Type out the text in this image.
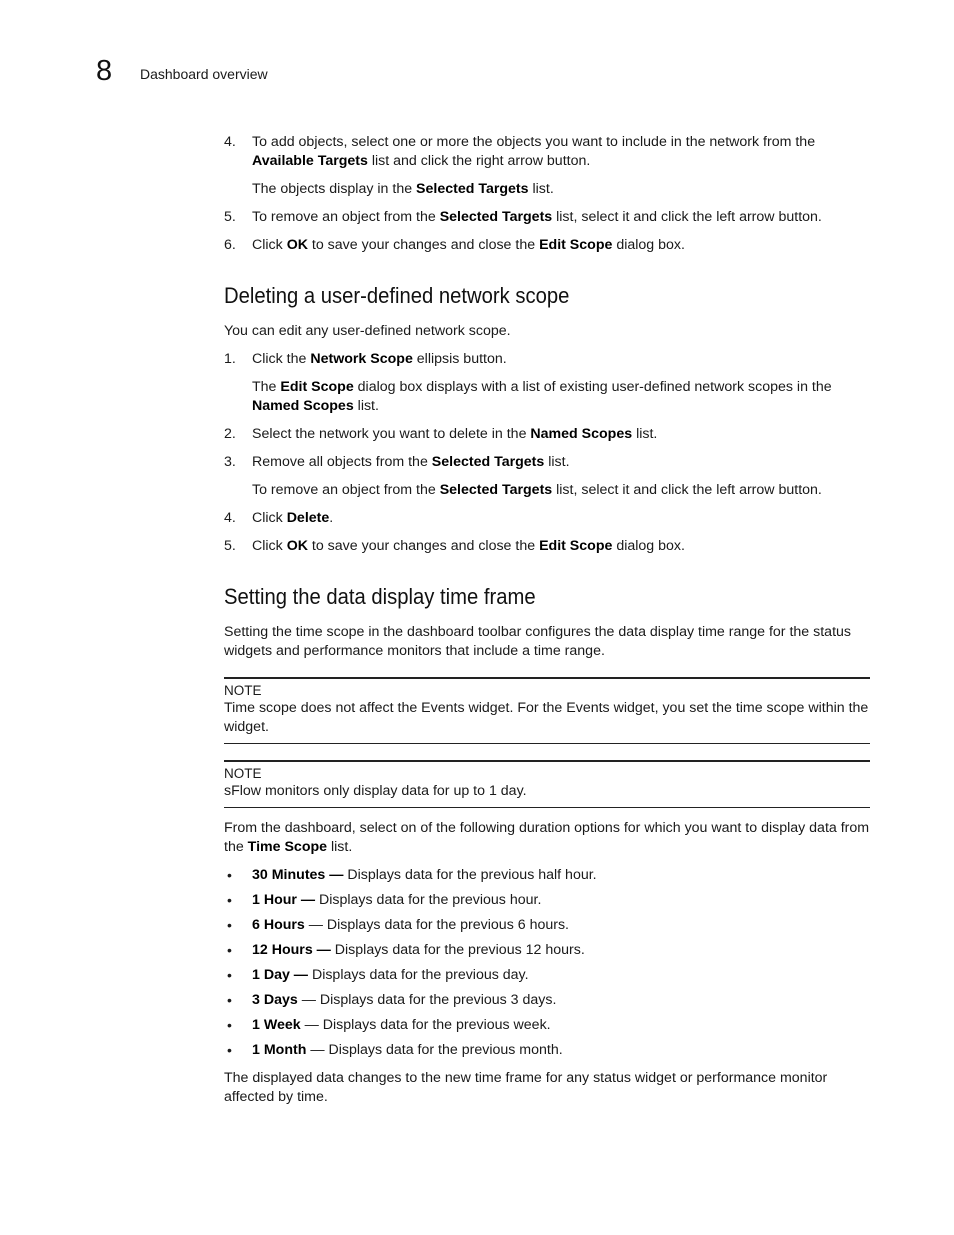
8 Dashboard overview
4. To add objects, select one or more the objects you want to include in the network from the Available Targets list and click the right arrow button.

The objects display in the Selected Targets list.

5. To remove an object from the Selected Targets list, select it and click the left arrow button.

6. Click OK to save your changes and close the Edit Scope dialog box.

Deleting a user-defined network scope

You can edit any user-defined network scope.

1. Click the Network Scope ellipsis button.

The Edit Scope dialog box displays with a list of existing user-defined network scopes in the Named Scopes list.

2. Select the network you want to delete in the Named Scopes list.

3. Remove all objects from the Selected Targets list.

To remove an object from the Selected Targets list, select it and click the left arrow button.

4. Click Delete.

5. Click OK to save your changes and close the Edit Scope dialog box.

Setting the data display time frame

Setting the time scope in the dashboard toolbar configures the data display time range for the status widgets and performance monitors that include a time range.

NOTE

Time scope does not affect the Events widget. For the Events widget, you set the time scope within the widget.

NOTE

sFlow monitors only display data for up to 1 day.

From the dashboard, select on of the following duration options for which you want to display data from the Time Scope list.

• 30 Minutes — Displays data for the previous half hour.
• 1 Hour — Displays data for the previous hour.
• 6 Hours — Displays data for the previous 6 hours.
• 12 Hours — Displays data for the previous 12 hours.
• 1 Day — Displays data for the previous day.
• 3 Days — Displays data for the previous 3 days.
• 1 Week — Displays data for the previous week.
• 1 Month — Displays data for the previous month.

The displayed data changes to the new time frame for any status widget or performance monitor affected by time.
